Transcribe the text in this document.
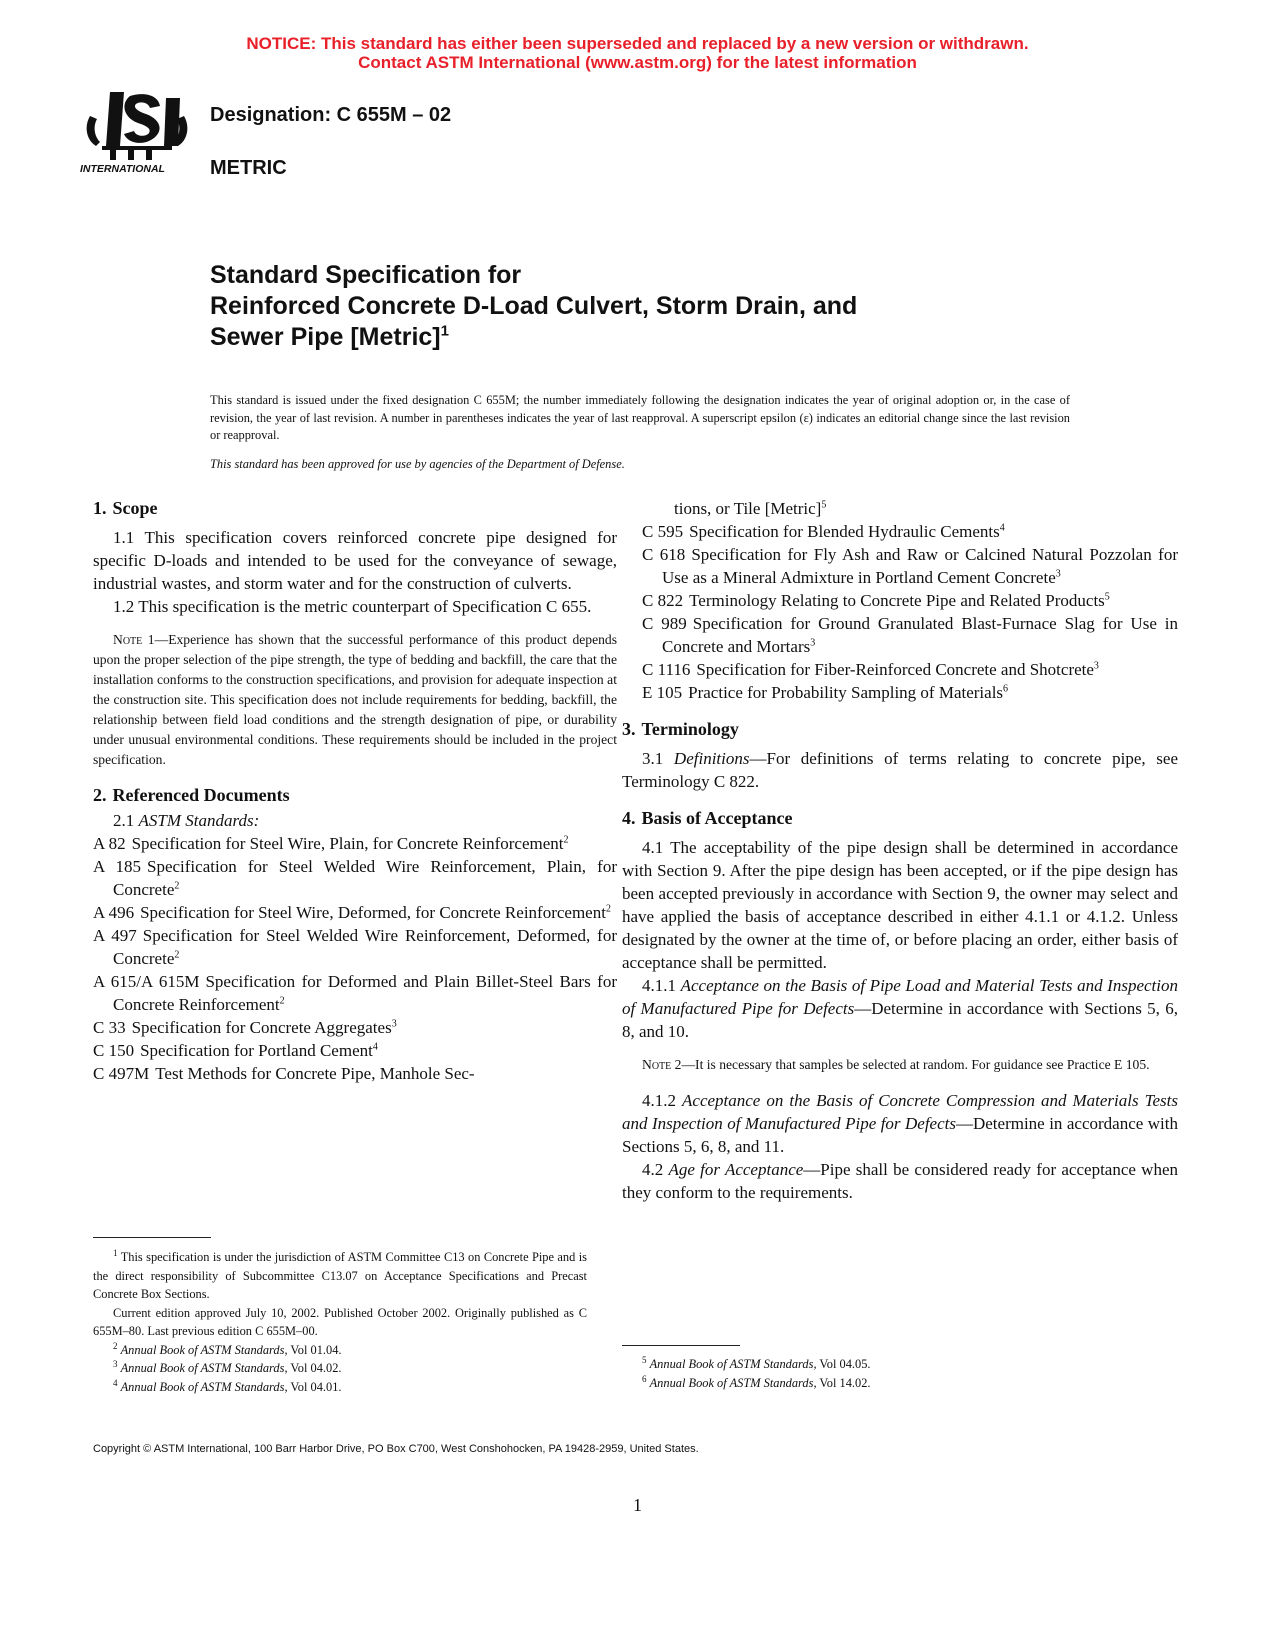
NOTICE: This standard has either been superseded and replaced by a new version or withdrawn.
Contact ASTM International (www.astm.org) for the latest information
INTERNATIONAL
Designation: C 655M – 02
METRIC
Standard Specification for
Reinforced Concrete D-Load Culvert, Storm Drain, and
Sewer Pipe [Metric]$^1$
This standard is issued under the fixed designation C 655M; the number immediately following the designation indicates the year of original adoption or, in the case of revision, the year of last revision. A number in parentheses indicates the year of last reapproval. A superscript epsilon (ε) indicates an editorial change since the last revision or reapproval.
This standard has been approved for use by agencies of the Department of Defense.
1. Scope

1.1 This specification covers reinforced concrete pipe designed for specific D-loads and intended to be used for the conveyance of sewage, industrial wastes, and storm water and for the construction of culverts.

1.2 This specification is the metric counterpart of Specification C 655.

Note 1—Experience has shown that the successful performance of this product depends upon the proper selection of the pipe strength, the type of bedding and backfill, the care that the installation conforms to the construction specifications, and provision for adequate inspection at the construction site. This specification does not include requirements for bedding, backfill, the relationship between field load conditions and the strength designation of pipe, or durability under unusual environmental conditions. These requirements should be included in the project specification.
2. Referenced Documents

2.1 ASTM Standards:

A 82 Specification for Steel Wire, Plain, for Concrete Reinforcement$^2$

A 185 Specification for Steel Welded Wire Reinforcement, Plain, for Concrete$^2$

A 496 Specification for Steel Wire, Deformed, for Concrete Reinforcement$^2$

A 497 Specification for Steel Welded Wire Reinforcement, Deformed, for Concrete$^2$

A 615/A 615M Specification for Deformed and Plain Billet-Steel Bars for Concrete Reinforcement$^2$

C 33 Specification for Concrete Aggregates$^3$

C 150 Specification for Portland Cement$^4$

C 497M Test Methods for Concrete Pipe, Manhole Sec-

tions, or Tile [Metric]$^5$

C 595 Specification for Blended Hydraulic Cements$^4$

C 618 Specification for Fly Ash and Raw or Calcined Natural Pozzolan for Use as a Mineral Admixture in Portland Cement Concrete$^3$

C 822 Terminology Relating to Concrete Pipe and Related Products$^5$

C 989 Specification for Ground Granulated Blast-Furnace Slag for Use in Concrete and Mortars$^3$

C 1116 Specification for Fiber-Reinforced Concrete and Shotcrete$^3$

E 105 Practice for Probability Sampling of Materials$^6$

3. Terminology

3.1 Definitions—For definitions of terms relating to concrete pipe, see Terminology C 822.

4. Basis of Acceptance

4.1 The acceptability of the pipe design shall be determined in accordance with Section 9. After the pipe design has been accepted, or if the pipe design has been accepted previously in accordance with Section 9, the owner may select and have applied the basis of acceptance described in either 4.1.1 or 4.1.2. Unless designated by the owner at the time of, or before placing an order, either basis of acceptance shall be permitted.

4.1.1 Acceptance on the Basis of Pipe Load and Material Tests and Inspection of Manufactured Pipe for Defects—Determine in accordance with Sections 5, 6, 8, and 10.

Note 2—It is necessary that samples be selected at random. For guidance see Practice E 105.

4.1.2 Acceptance on the Basis of Concrete Compression and Materials Tests and Inspection of Manufactured Pipe for Defects—Determine in accordance with Sections 5, 6, 8, and 11.

4.2 Age for Acceptance—Pipe shall be considered ready for acceptance when they conform to the requirements.

$^1$ This specification is under the jurisdiction of ASTM Committee C13 on Concrete Pipe and is the direct responsibility of Subcommittee C13.07 on Acceptance Specifications and Precast Concrete Box Sections.

Current edition approved July 10, 2002. Published October 2002. Originally published as C 655M–80. Last previous edition C 655M–00.

$^2$ Annual Book of ASTM Standards, Vol 01.04.

$^3$ Annual Book of ASTM Standards, Vol 04.02.

$^4$ Annual Book of ASTM Standards, Vol 04.01.

$^5$ Annual Book of ASTM Standards, Vol 04.05.

$^6$ Annual Book of ASTM Standards, Vol 14.02.

Copyright © ASTM International, 100 Barr Harbor Drive, PO Box C700, West Conshohocken, PA 19428-2959, United States.
1
